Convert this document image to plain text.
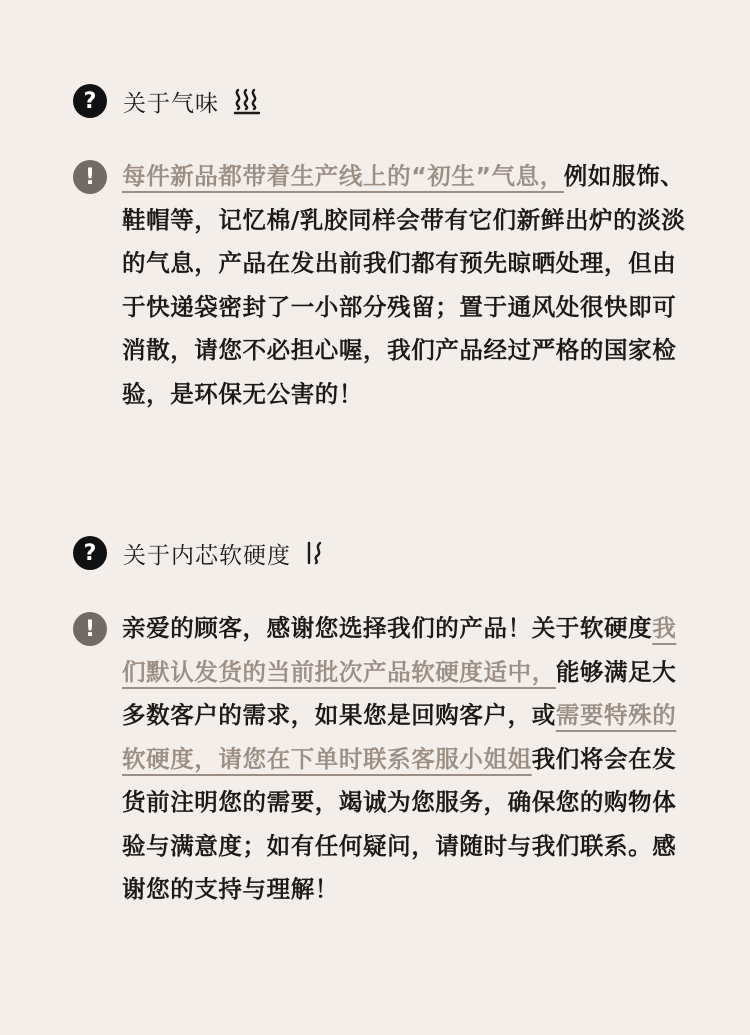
? 关于气味
! 每件新品都带着生产线上的“初生”气息，例如服饰、鞋帽等，记忆棉/乳胶同样会带有它们新鲜出炉的淡淡的气息，产品在发出前我们都有预先晾晒处理，但由于快递袋密封了一小部分残留；置于通风处很快即可消散，请您不必担心喔，我们产品经过严格的国家检验，是环保无公害的！

? 关于内芯软硬度
! 亲爱的顾客，感谢您选择我们的产品！关于软硬度我们默认发货的当前批次产品软硬度适中，能够满足大多数客户的需求，如果您是回购客户，或需要特殊的软硬度，请您在下单时联系客服小姐姐我们将会在发货前注明您的需要，竭诚为您服务，确保您的购物体验与满意度；如有任何疑问，请随时与我们联系。感谢您的支持与理解！
